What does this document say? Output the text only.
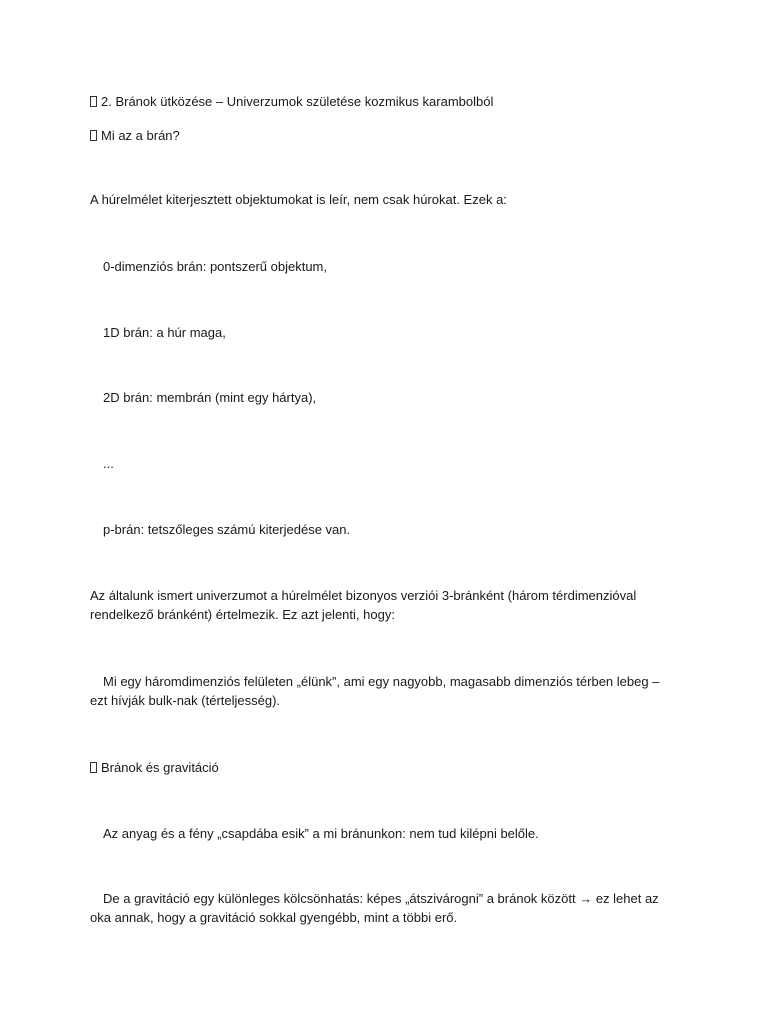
2. Bránok ütközése – Univerzumok születése kozmikus karambolból
Mi az a brán?
A húrelmélet kiterjesztett objektumokat is leír, nem csak húrokat. Ezek a:
0-dimenziós brán: pontszerű objektum,
1D brán: a húr maga,
2D brán: membrán (mint egy hártya),
...
p-brán: tetszőleges számú kiterjedése van.
Az általunk ismert univerzumot a húrelmélet bizonyos verziói 3-bránként (három térdimenzióval rendelkező bránként) értelmezik. Ez azt jelenti, hogy:
Mi egy háromdimenziós felületen „élünk”, ami egy nagyobb, magasabb dimenziós térben lebeg – ezt hívják bulk-nak (térteljesség).
Bránok és gravitáció
Az anyag és a fény „csapdába esik” a mi bránunkon: nem tud kilépni belőle.
De a gravitáció egy különleges kölcsönhatás: képes „átszivárogni” a bránok között → ez lehet az oka annak, hogy a gravitáció sokkal gyengébb, mint a többi erő.
